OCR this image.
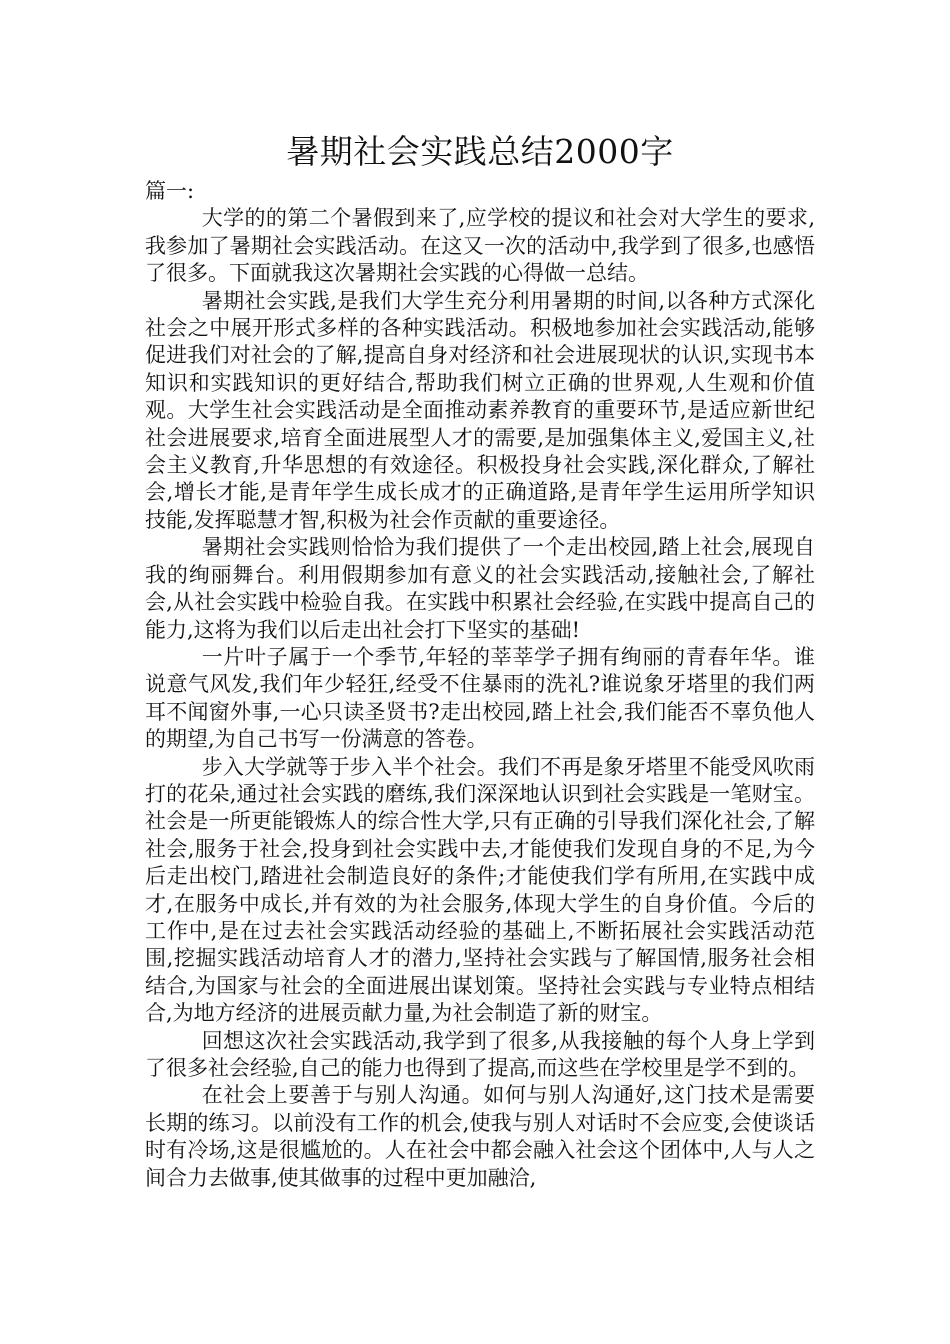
暑期社会实践总结2000字

篇一:

大学的的第二个暑假到来了,应学校的提议和社会对大学生的要求,我参加了暑期社会实践活动。在这又一次的活动中,我学到了很多,也感悟了很多。下面就我这次暑期社会实践的心得做一总结。

暑期社会实践,是我们大学生充分利用暑期的时间,以各种方式深化社会之中展开形式多样的各种实践活动。积极地参加社会实践活动,能够促进我们对社会的了解,提高自身对经济和社会进展现状的认识,实现书本知识和实践知识的更好结合,帮助我们树立正确的世界观,人生观和价值观。大学生社会实践活动是全面推动素养教育的重要环节,是适应新世纪社会进展要求,培育全面进展型人才的需要,是加强集体主义,爱国主义,社会主义教育,升华思想的有效途径。积极投身社会实践,深化群众,了解社会,增长才能,是青年学生成长成才的正确道路,是青年学生运用所学知识技能,发挥聪慧才智,积极为社会作贡献的重要途径。

暑期社会实践则恰恰为我们提供了一个走出校园,踏上社会,展现自我的绚丽舞台。利用假期参加有意义的社会实践活动,接触社会,了解社会,从社会实践中检验自我。在实践中积累社会经验,在实践中提高自己的能力,这将为我们以后走出社会打下坚实的基础!

一片叶子属于一个季节,年轻的莘莘学子拥有绚丽的青春年华。谁说意气风发,我们年少轻狂,经受不住暴雨的洗礼?谁说象牙塔里的我们两耳不闻窗外事,一心只读圣贤书?走出校园,踏上社会,我们能否不辜负他人的期望,为自己书写一份满意的答卷。

步入大学就等于步入半个社会。我们不再是象牙塔里不能受风吹雨打的花朵,通过社会实践的磨练,我们深深地认识到社会实践是一笔财宝。社会是一所更能锻炼人的综合性大学,只有正确的引导我们深化社会,了解社会,服务于社会,投身到社会实践中去,才能使我们发现自身的不足,为今后走出校门,踏进社会制造良好的条件;才能使我们学有所用,在实践中成才,在服务中成长,并有效的为社会服务,体现大学生的自身价值。今后的工作中,是在过去社会实践活动经验的基础上,不断拓展社会实践活动范围,挖掘实践活动培育人才的潜力,坚持社会实践与了解国情,服务社会相结合,为国家与社会的全面进展出谋划策。坚持社会实践与专业特点相结合,为地方经济的进展贡献力量,为社会制造了新的财宝。

回想这次社会实践活动,我学到了很多,从我接触的每个人身上学到了很多社会经验,自己的能力也得到了提高,而这些在学校里是学不到的。

在社会上要善于与别人沟通。如何与别人沟通好,这门技术是需要长期的练习。以前没有工作的机会,使我与别人对话时不会应变,会使谈话时有冷场,这是很尴尬的。人在社会中都会融入社会这个团体中,人与人之间合力去做事,使其做事的过程中更加融洽,
